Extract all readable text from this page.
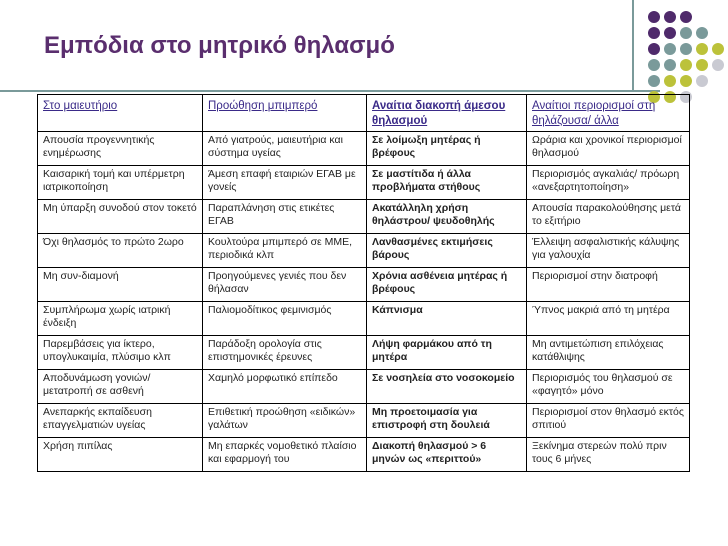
Εμπόδια στο μητρικό θηλασμό
Στο μαιευτήριο	Προώθηση μπιμπερό	Αναίτια διακοπή άμεσου θηλασμού	Αναίτιοι περιορισμοί στη θηλάζουσα/ άλλα
Απουσία προγεννητικής ενημέρωσης	Από γιατρούς, μαιευτήρια και σύστημα υγείας	Σε λοίμωξη μητέρας ή βρέφους	Ωράρια και χρονικοί περιορισμοί θηλασμού
Καισαρική τομή και υπέρμετρη ιατρικοποίηση	Άμεση επαφή εταιριών ΕΓΑΒ με γονείς	Σε μαστίτιδα ή άλλα προβλήματα στήθους	Περιορισμός αγκαλιάς/ πρόωρη «ανεξαρτητοποίηση»
Μη ύπαρξη συνοδού στον τοκετό	Παραπλάνηση στις ετικέτες ΕΓΑΒ	Ακατάλληλη χρήση θηλάστρου/ ψευδοθηλής	Απουσία παρακολούθησης μετά το εξιτήριο
Όχι θηλασμός το πρώτο 2ωρο	Κουλτούρα μπιμπερό σε ΜΜΕ, περιοδικά κλπ	Λανθασμένες εκτιμήσεις βάρους	Έλλειψη ασφαλιστικής κάλυψης για γαλουχία
Μη συν-διαμονή	Προηγούμενες γενιές που δεν θήλασαν	Χρόνια ασθένεια μητέρας ή βρέφους	Περιορισμοί στην διατροφή
Συμπλήρωμα χωρίς ιατρική ένδειξη	Παλιομοδίτικος φεμινισμός	Κάπνισμα	Ύπνος μακριά από τη μητέρα
Παρεμβάσεις για ίκτερο, υπογλυκαιμία, πλύσιμο κλπ	Παράδοξη ορολογία στις επιστημονικές έρευνες	Λήψη φαρμάκου από τη μητέρα	Μη αντιμετώπιση επιλόχειας κατάθλιψης
Αποδυνάμωση γονιών/ μετατροπή σε ασθενή	Χαμηλό μορφωτικό επίπεδο	Σε νοσηλεία στο νοσοκομείο	Περιορισμός του θηλασμού σε «φαγητό» μόνο
Ανεπαρκής εκπαίδευση επαγγελματιών υγείας	Επιθετική προώθηση «ειδικών» γαλάτων	Μη προετοιμασία για επιστροφή στη δουλειά	Περιορισμοί στον θηλασμό εκτός σπιτιού
Χρήση πιπίλας	Μη επαρκές νομοθετικό πλαίσιο και εφαρμογή του	Διακοπή θηλασμού > 6 μηνών ως «περιττού»	Ξεκίνημα στερεών πολύ πριν τους 6 μήνες
